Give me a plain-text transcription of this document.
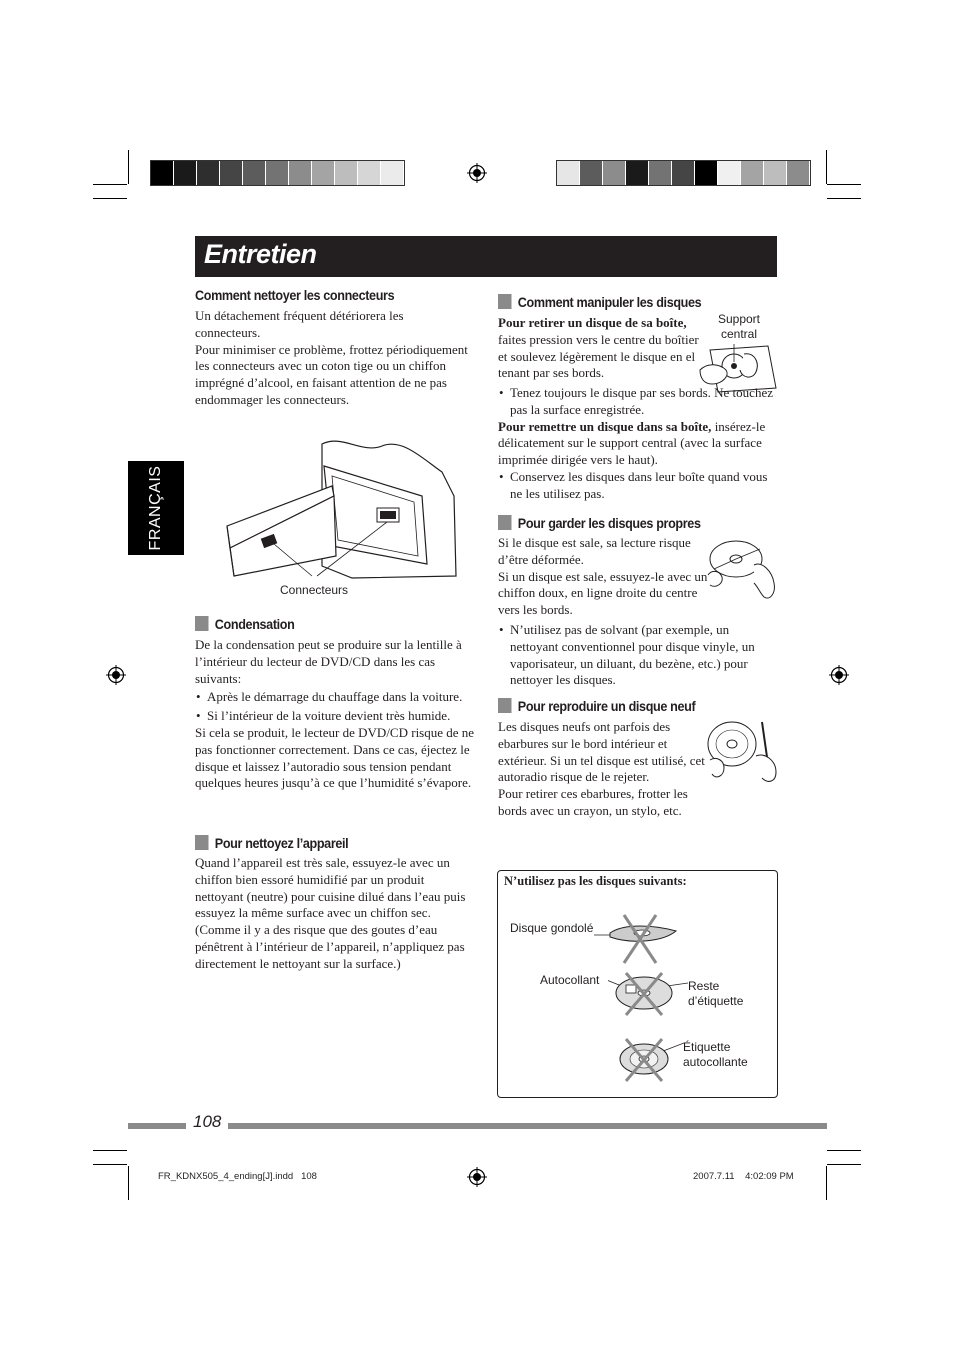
Entretien
FRANÇAIS
Comment nettoyer les connecteurs

Un détachement fréquent détériorera les connecteurs.

Pour minimiser ce problème, frottez périodiquement les connecteurs avec un coton tige ou un chiffon imprégné d’alcool, en faisant attention de ne pas endommager les connecteurs.

Connecteurs
Condensation

De la condensation peut se produire sur la lentille à l’intérieur du lecteur de DVD/CD dans les cas suivants:

• Après le démarrage du chauffage dans la voiture.

• Si l’intérieur de la voiture devient très humide.

Si cela se produit, le lecteur de DVD/CD risque de ne pas fonctionner correctement. Dans ce cas, éjectez le disque et laissez l’autoradio sous tension pendant quelques heures jusqu’à ce que l’humidité s’évapore.

Pour nettoyez l’appareil

Quand l’appareil est très sale, essuyez-le avec un chiffon bien essoré humidifié par un produit nettoyant (neutre) pour cuisine dilué dans l’eau puis essuyez la même surface avec un chiffon sec.

(Comme il y a des risque que des goutes d’eau pénêtrent à l’intérieur de l’appareil, n’appliquez pas directement le nettoyant sur la surface.)

Comment manipuler les disques

Pour retirer un disque de sa boîte, faites pression vers le centre du boîtier et soulevez légèrement le disque en el tenant par ses bords.

Support
central

• Tenez toujours le disque par ses bords. Ne touchez pas la surface enregistrée.

Pour remettre un disque dans sa boîte, insérez-le délicatement sur le support central (avec la surface imprimée dirigée vers le haut).

• Conservez les disques dans leur boîte quand vous ne les utilisez pas.

Pour garder les disques propres

Si le disque est sale, sa lecture risque d’être déformée.

Si un disque est sale, essuyez-le avec un chiffon doux, en ligne droite du centre vers les bords.

• N’utilisez pas de solvant (par exemple, un nettoyant conventionnel pour disque vinyle, un vaporisateur, un diluant, du bezène, etc.) pour nettoyer les disques.

Pour reproduire un disque neuf

Les disques neufs ont parfois des ebarbures sur le bord intérieur et extérieur. Si un tel disque est utilisé, cet autoradio risque de le rejeter.

Pour retirer ces ebarbures, frotter les bords avec un crayon, un stylo, etc.

N’utilisez pas les disques suivants:
Disque gondolé
Autocollant	Reste
d’étiquette
Étiquette
autocollante
108
FR_KDNX505_4_ending[J].indd   108	2007.7.11    4:02:09 PM
